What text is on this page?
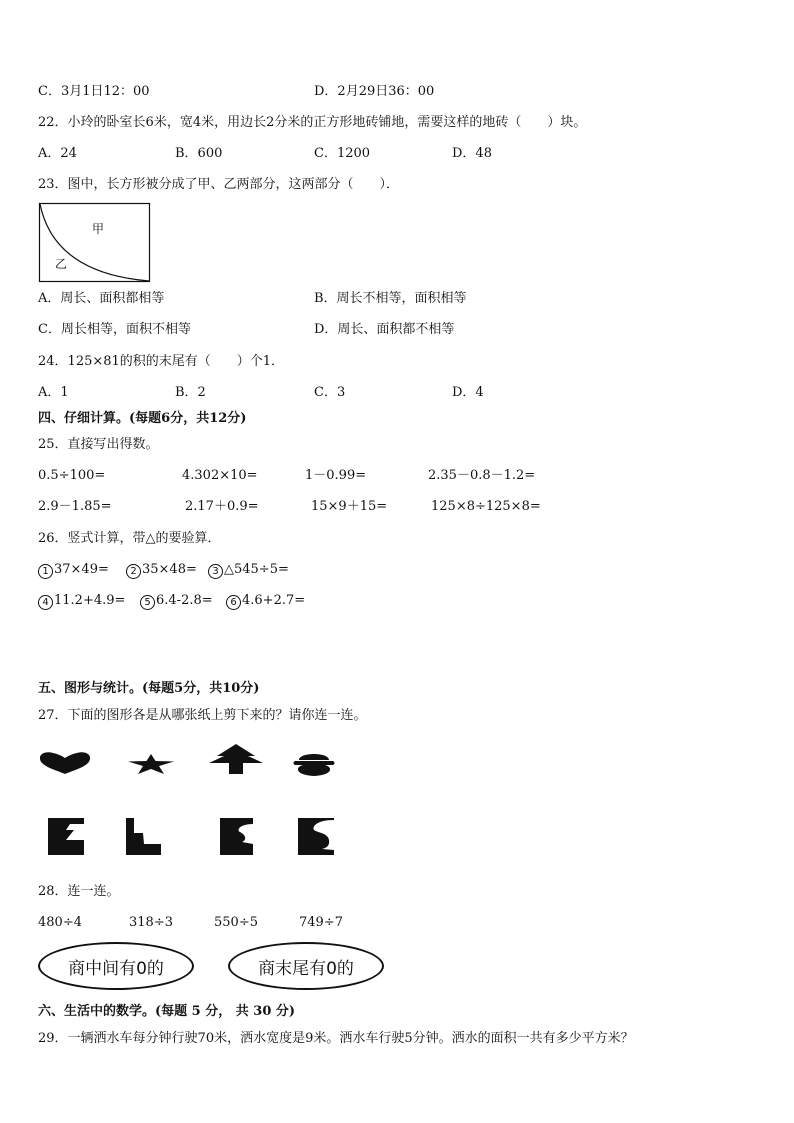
C．3月1日12：00	D．2月29日36：00
22．小玲的卧室长6米，宽4米，用边长2分米的正方形地砖铺地，需要这样的地砖（　　）块。
A．24	B．600	C．1200	D．48
23．图中，长方形被分成了甲、乙两部分，这两部分（　　）．
甲
乙
A．周长、面积都相等	B．周长不相等，面积相等
C．周长相等，面积不相等	D．周长、面积都不相等
24．125×81的积的末尾有（　　）个1．
A．1	B．2	C．3	D．4
四、仔细计算。(每题6分，共12分)
25．直接写出得数。
0.5÷100=	4.302×10=	1－0.99=	2.35－0.8－1.2=
2.9－1.85=	2.17＋0.9=	15×9＋15=	125×8÷125×8=
26．竖式计算，带△的要验算．
1 37×49= 2 35×48= 3 △545÷5=
4 11.2+4.9= 5 6.4-2.8= 6 4.6+2.7=
五、图形与统计。(每题5分，共10分)
27．下面的图形各是从哪张纸上剪下来的？请你连一连。
28．连一连。
480÷4	318÷3	550÷5	749÷7
商中间有0的	商末尾有0的
六、生活中的数学。(每题 5 分， 共 30 分)
29．一辆洒水车每分钟行驶70米，洒水宽度是9米。洒水车行驶5分钟。洒水的面积一共有多少平方米？
